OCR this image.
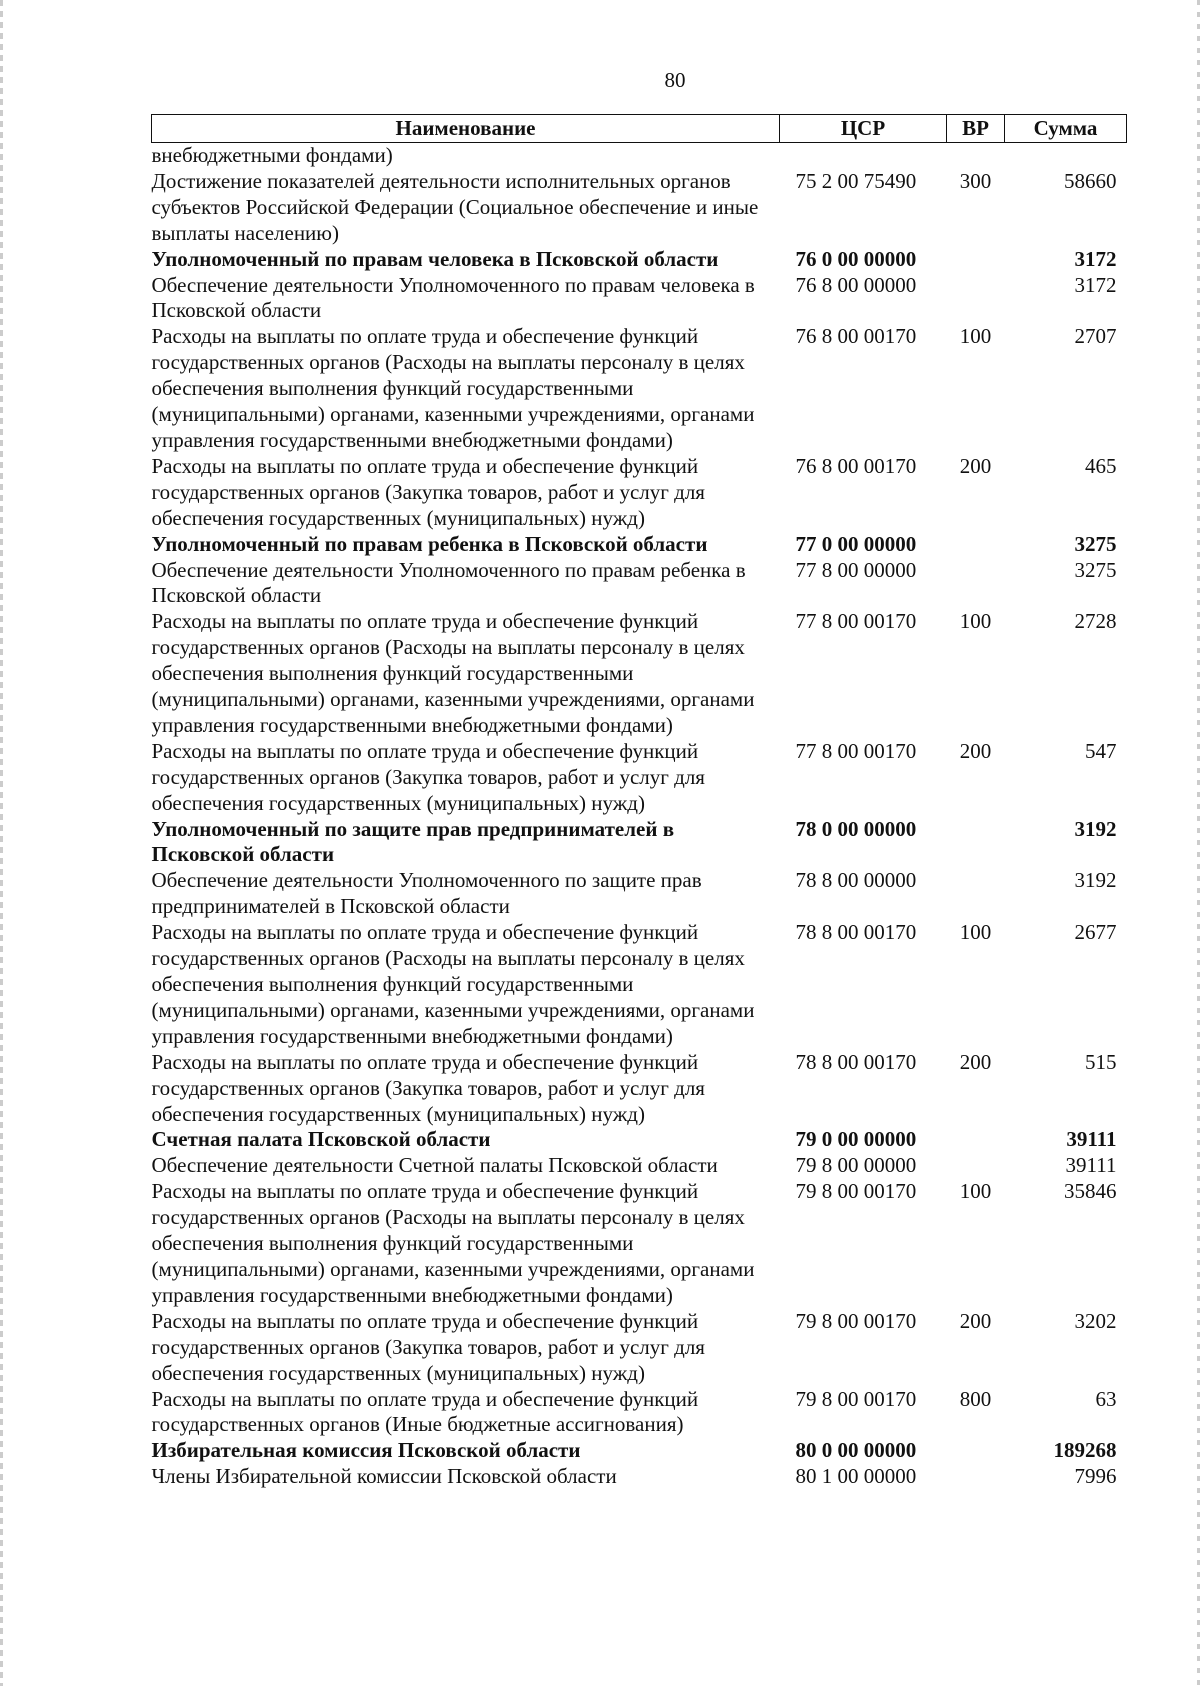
80
Наименование	ЦСР	ВР	Сумма
внебюджетными фондами)			
Достижение показателей деятельности исполнительных органов субъектов Российской Федерации (Социальное обеспечение и иные выплаты населению)	75 2 00 75490	300	58660
Уполномоченный по правам человека в Псковской области	76 0 00 00000		3172
Обеспечение деятельности Уполномоченного по правам человека в Псковской области	76 8 00 00000		3172
Расходы на выплаты по оплате труда и обеспечение функций государственных органов (Расходы на выплаты персоналу в целях обеспечения выполнения функций государственными (муниципальными) органами, казенными учреждениями, органами управления государственными внебюджетными фондами)	76 8 00 00170	100	2707
Расходы на выплаты по оплате труда и обеспечение функций государственных органов (Закупка товаров, работ и услуг для обеспечения государственных (муниципальных) нужд)	76 8 00 00170	200	465
Уполномоченный по правам ребенка в Псковской области	77 0 00 00000		3275
Обеспечение деятельности Уполномоченного по правам ребенка в Псковской области	77 8 00 00000		3275
Расходы на выплаты по оплате труда и обеспечение функций государственных органов (Расходы на выплаты персоналу в целях обеспечения выполнения функций государственными (муниципальными) органами, казенными учреждениями, органами управления государственными внебюджетными фондами)	77 8 00 00170	100	2728
Расходы на выплаты по оплате труда и обеспечение функций государственных органов (Закупка товаров, работ и услуг для обеспечения государственных (муниципальных) нужд)	77 8 00 00170	200	547
Уполномоченный по защите прав предпринимателей в Псковской области	78 0 00 00000		3192
Обеспечение деятельности Уполномоченного по защите прав предпринимателей в Псковской области	78 8 00 00000		3192
Расходы на выплаты по оплате труда и обеспечение функций государственных органов (Расходы на выплаты персоналу в целях обеспечения выполнения функций государственными (муниципальными) органами, казенными учреждениями, органами управления государственными внебюджетными фондами)	78 8 00 00170	100	2677
Расходы на выплаты по оплате труда и обеспечение функций государственных органов (Закупка товаров, работ и услуг для обеспечения государственных (муниципальных) нужд)	78 8 00 00170	200	515
Счетная палата Псковской области	79 0 00 00000		39111
Обеспечение деятельности Счетной палаты Псковской области	79 8 00 00000		39111
Расходы на выплаты по оплате труда и обеспечение функций государственных органов (Расходы на выплаты персоналу в целях обеспечения выполнения функций государственными (муниципальными) органами, казенными учреждениями, органами управления государственными внебюджетными фондами)	79 8 00 00170	100	35846
Расходы на выплаты по оплате труда и обеспечение функций государственных органов (Закупка товаров, работ и услуг для обеспечения государственных (муниципальных) нужд)	79 8 00 00170	200	3202
Расходы на выплаты по оплате труда и обеспечение функций государственных органов (Иные бюджетные ассигнования)	79 8 00 00170	800	63
Избирательная комиссия Псковской области	80 0 00 00000		189268
Члены Избирательной комиссии Псковской области	80 1 00 00000		7996
